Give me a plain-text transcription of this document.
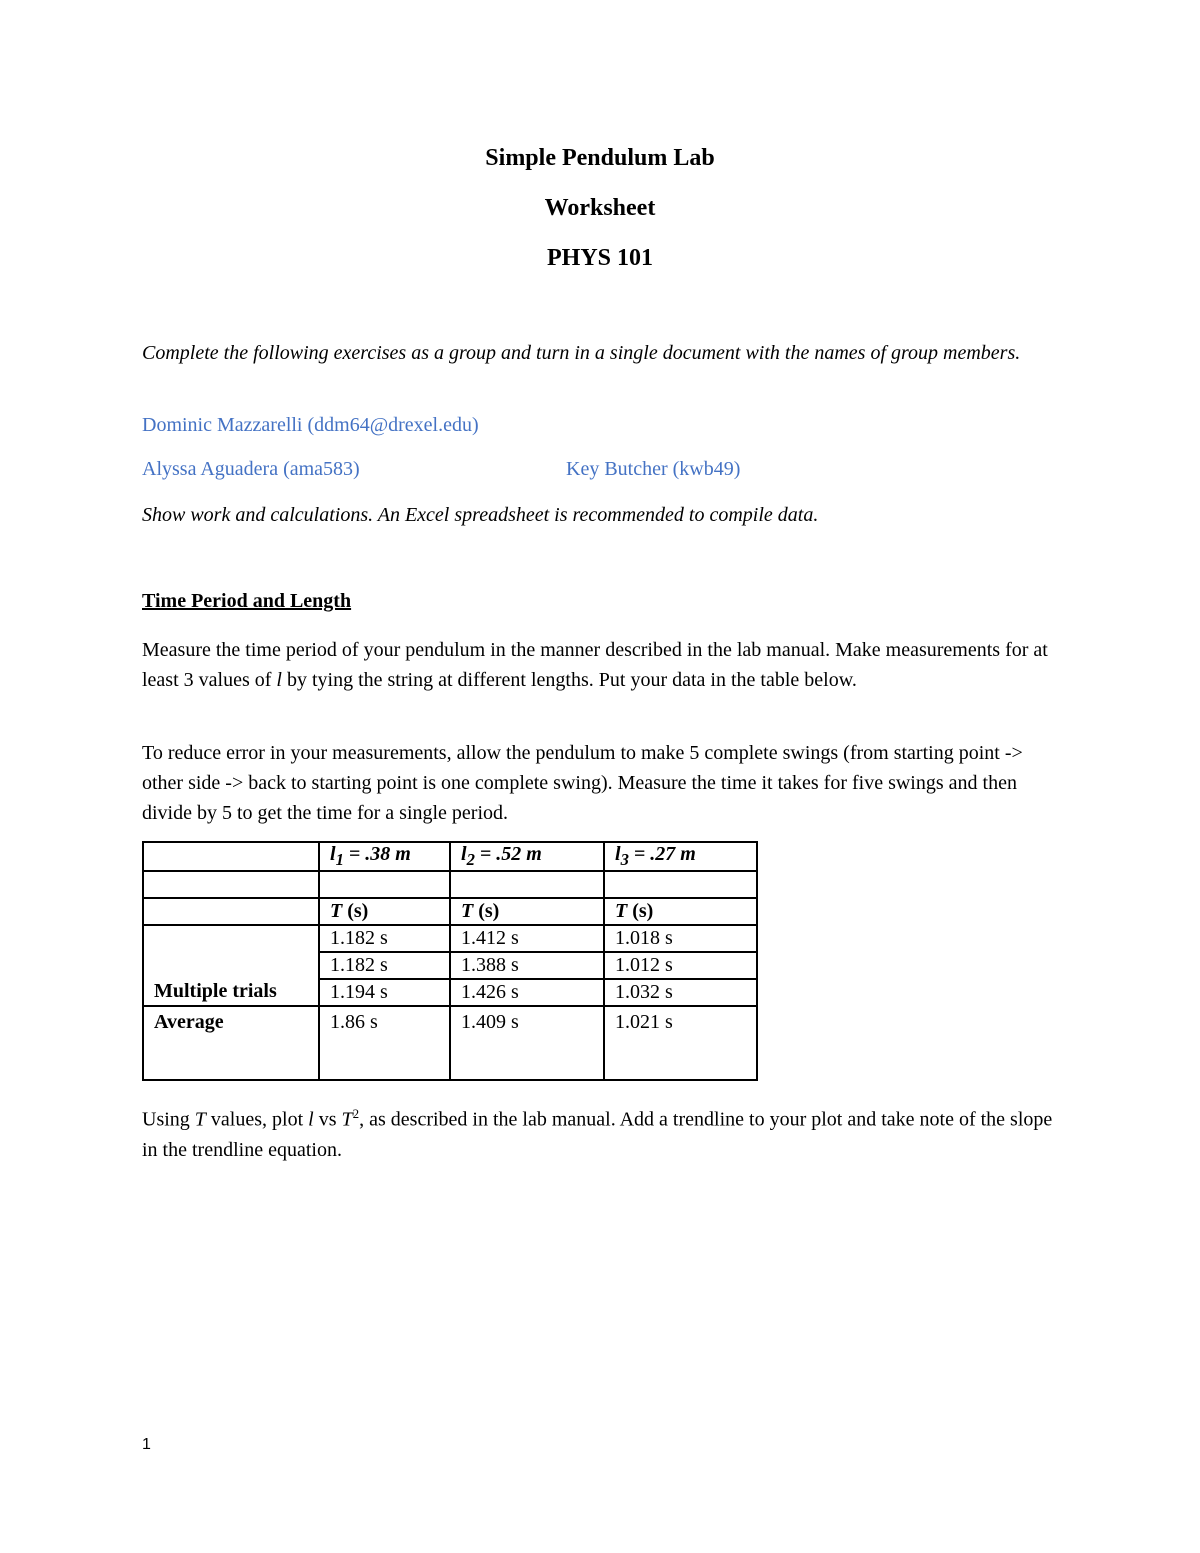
Simple Pendulum Lab
Worksheet
PHYS 101
Complete the following exercises as a group and turn in a single document with the names of group members.
Dominic Mazzarelli (ddm64@drexel.edu)
Alyssa Aguadera (ama583)	Key Butcher (kwb49)
Show work and calculations. An Excel spreadsheet is recommended to compile data.
Time Period and Length
Measure the time period of your pendulum in the manner described in the lab manual. Make measurements for at least 3 values of l by tying the string at different lengths. Put your data in the table below.
To reduce error in your measurements, allow the pendulum to make 5 complete swings (from starting point -> other side -> back to starting point is one complete swing). Measure the time it takes for five swings and then divide by 5 to get the time for a single period.
	$l_1 = .38$ m	$l_2 = .52$ m	$l_3 = .27$ m

	T (s)	T (s)	T (s)
Multiple trials	1.182 s	1.412 s	1.018 s
	1.182 s	1.388 s	1.012 s
	1.194 s	1.426 s	1.032 s
Average	1.86 s	1.409 s	1.021 s
Using T values, plot l vs $T^2$, as described in the lab manual. Add a trendline to your plot and take note of the slope in the trendline equation.
1
